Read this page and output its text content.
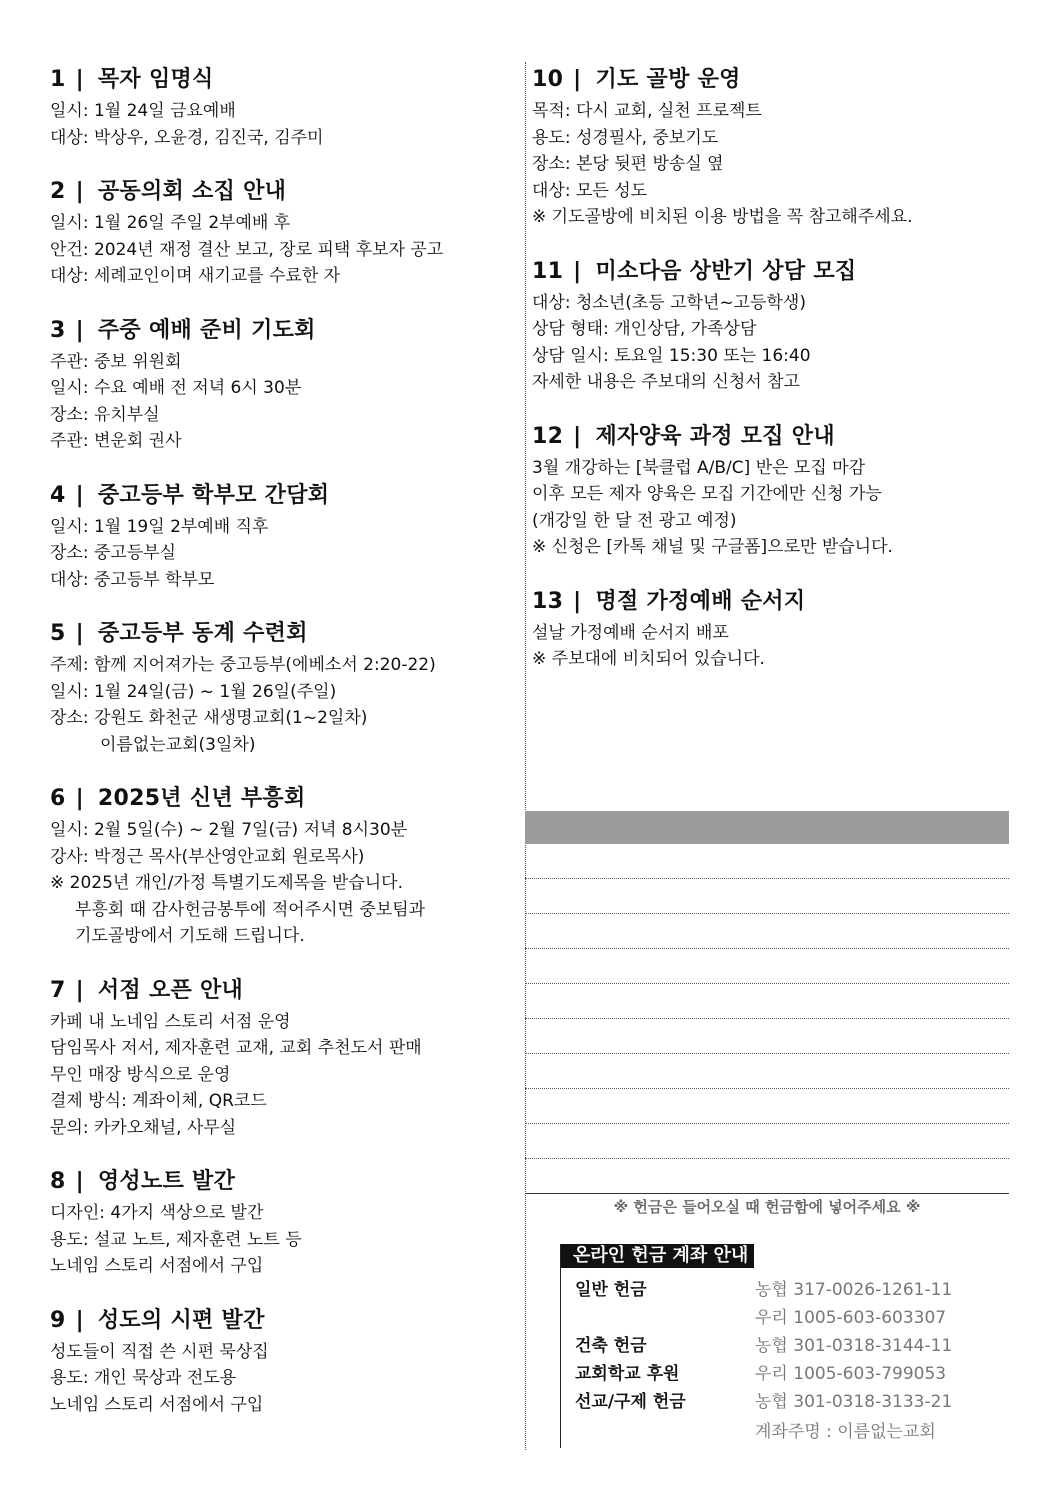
1 | 목자 임명식
일시: 1월 24일 금요예배
대상: 박상우, 오윤경, 김진국, 김주미
2 | 공동의회 소집 안내
일시: 1월 26일 주일 2부예배 후
안건: 2024년 재정 결산 보고, 장로 피택 후보자 공고
대상: 세례교인이며 새기교를 수료한 자
3 | 주중 예배 준비 기도회
주관: 중보 위원회
일시: 수요 예배 전 저녁 6시 30분
장소: 유치부실
주관: 변운회 권사
4 | 중고등부 학부모 간담회
일시: 1월 19일 2부예배 직후
장소: 중고등부실
대상: 중고등부 학부모
5 | 중고등부 동계 수련회
주제: 함께 지어져가는 중고등부(에베소서 2:20-22)
일시: 1월 24일(금) ~ 1월 26일(주일)
장소: 강원도 화천군 새생명교회(1~2일차)
이름없는교회(3일차)
6 | 2025년 신년 부흥회
일시: 2월 5일(수) ~ 2월 7일(금) 저녁 8시30분
강사: 박정근 목사(부산영안교회 원로목사)
※ 2025년 개인/가정 특별기도제목을 받습니다.
부흥회 때 감사헌금봉투에 적어주시면 중보팀과
기도골방에서 기도해 드립니다.
7 | 서점 오픈 안내
카페 내 노네임 스토리 서점 운영
담임목사 저서, 제자훈련 교재, 교회 추천도서 판매
무인 매장 방식으로 운영
결제 방식: 계좌이체, QR코드
문의: 카카오채널, 사무실
8 | 영성노트 발간
디자인: 4가지 색상으로 발간
용도: 설교 노트, 제자훈련 노트 등
노네임 스토리 서점에서 구입
9 | 성도의 시편 발간
성도들이 직접 쓴 시편 묵상집
용도: 개인 묵상과 전도용
노네임 스토리 서점에서 구입
10 | 기도 골방 운영
목적: 다시 교회, 실천 프로젝트
용도: 성경필사, 중보기도
장소: 본당 뒷편 방송실 옆
대상: 모든 성도
※ 기도골방에 비치된 이용 방법을 꼭 참고해주세요.
11 | 미소다음 상반기 상담 모집
대상: 청소년(초등 고학년~고등학생)
상담 형태: 개인상담, 가족상담
상담 일시: 토요일 15:30 또는 16:40
자세한 내용은 주보대의 신청서 참고
12 | 제자양육 과정 모집 안내
3월 개강하는 [북클럽 A/B/C] 반은 모집 마감
이후 모든 제자 양육은 모집 기간에만 신청 가능
(개강일 한 달 전 광고 예정)
※ 신청은 [카톡 채널 및 구글폼]으로만 받습니다.
13 | 명절 가정예배 순서지
설날 가정예배 순서지 배포
※ 주보대에 비치되어 있습니다.
※ 헌금은 들어오실 때 헌금함에 넣어주세요 ※
온라인 헌금 계좌 안내
일반 헌금	농협 317-0026-1261-11
우리 1005-603-603307
건축 헌금	농협 301-0318-3144-11
교회학교 후원	우리 1005-603-799053
선교/구제 헌금	농협 301-0318-3133-21
계좌주명 : 이름없는교회
